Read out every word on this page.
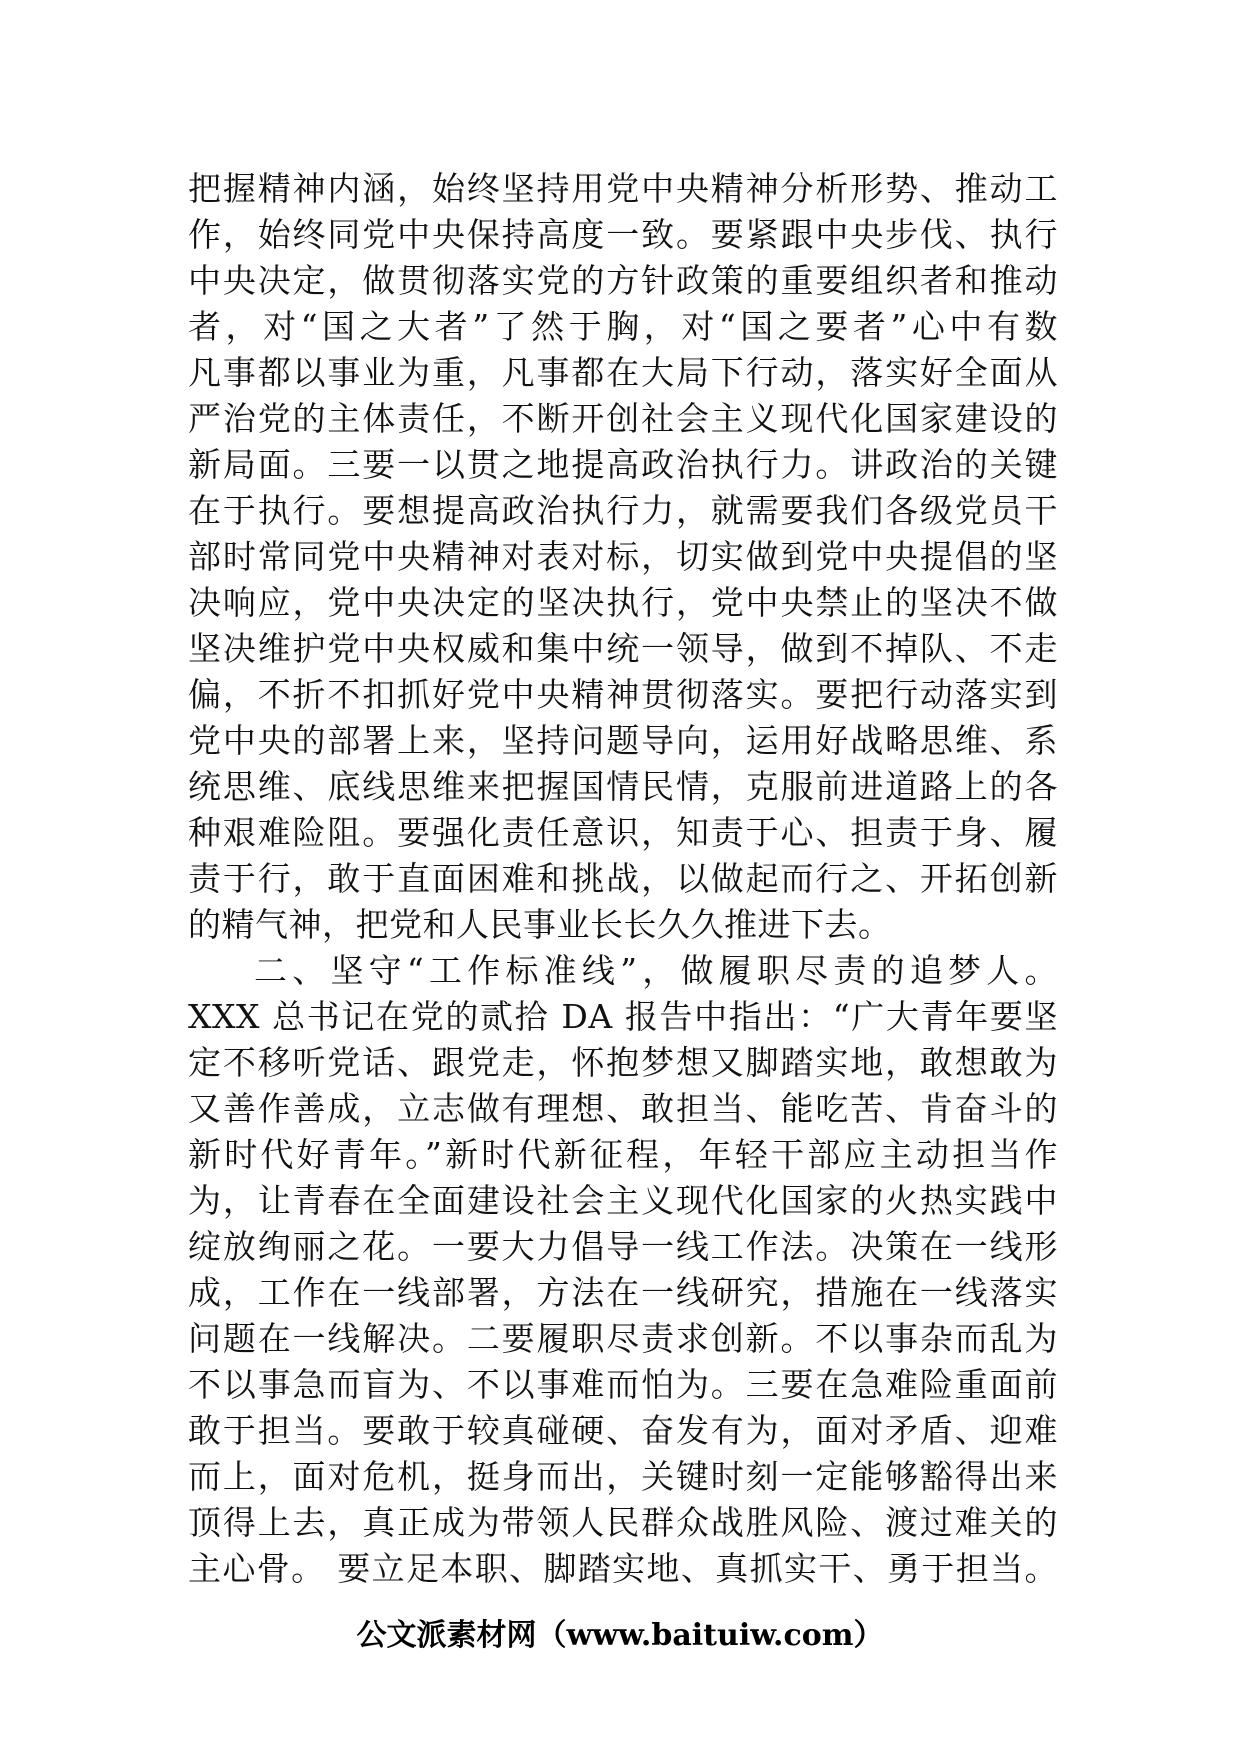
把握精神内涵，始终坚持用党中央精神分析形势、推动工
作，始终同党中央保持高度一致。要紧跟中央步伐、执行
中央决定，做贯彻落实党的方针政策的重要组织者和推动
者，对“国之大者”了然于胸，对“国之要者”心中有数
凡事都以事业为重，凡事都在大局下行动，落实好全面从
严治党的主体责任，不断开创社会主义现代化国家建设的
新局面。三要一以贯之地提高政治执行力。讲政治的关键
在于执行。要想提高政治执行力，就需要我们各级党员干
部时常同党中央精神对表对标，切实做到党中央提倡的坚
决响应，党中央决定的坚决执行，党中央禁止的坚决不做
坚决维护党中央权威和集中统一领导，做到不掉队、不走
偏，不折不扣抓好党中央精神贯彻落实。要把行动落实到
党中央的部署上来，坚持问题导向，运用好战略思维、系
统思维、底线思维来把握国情民情，克服前进道路上的各
种艰难险阻。要强化责任意识，知责于心、担责于身、履
责于行，敢于直面困难和挑战，以做起而行之、开拓创新
的精气神，把党和人民事业长长久久推进下去。
二、坚守“工作标准线”，做履职尽责的追梦人。
XXX 总书记在党的贰拾 DA 报告中指出：“广大青年要坚
定不移听党话、跟党走，怀抱梦想又脚踏实地，敢想敢为
又善作善成，立志做有理想、敢担当、能吃苦、肯奋斗的
新时代好青年。”新时代新征程，年轻干部应主动担当作
为，让青春在全面建设社会主义现代化国家的火热实践中
绽放绚丽之花。一要大力倡导一线工作法。决策在一线形
成，工作在一线部署，方法在一线研究，措施在一线落实
问题在一线解决。二要履职尽责求创新。不以事杂而乱为
不以事急而盲为、不以事难而怕为。三要在急难险重面前
敢于担当。要敢于较真碰硬、奋发有为，面对矛盾、迎难
而上，面对危机，挺身而出，关键时刻一定能够豁得出来
顶得上去，真正成为带领人民群众战胜风险、渡过难关的
主心骨。 要立足本职、脚踏实地、真抓实干、勇于担当。
公文派素材网（www.baituiw.com）
